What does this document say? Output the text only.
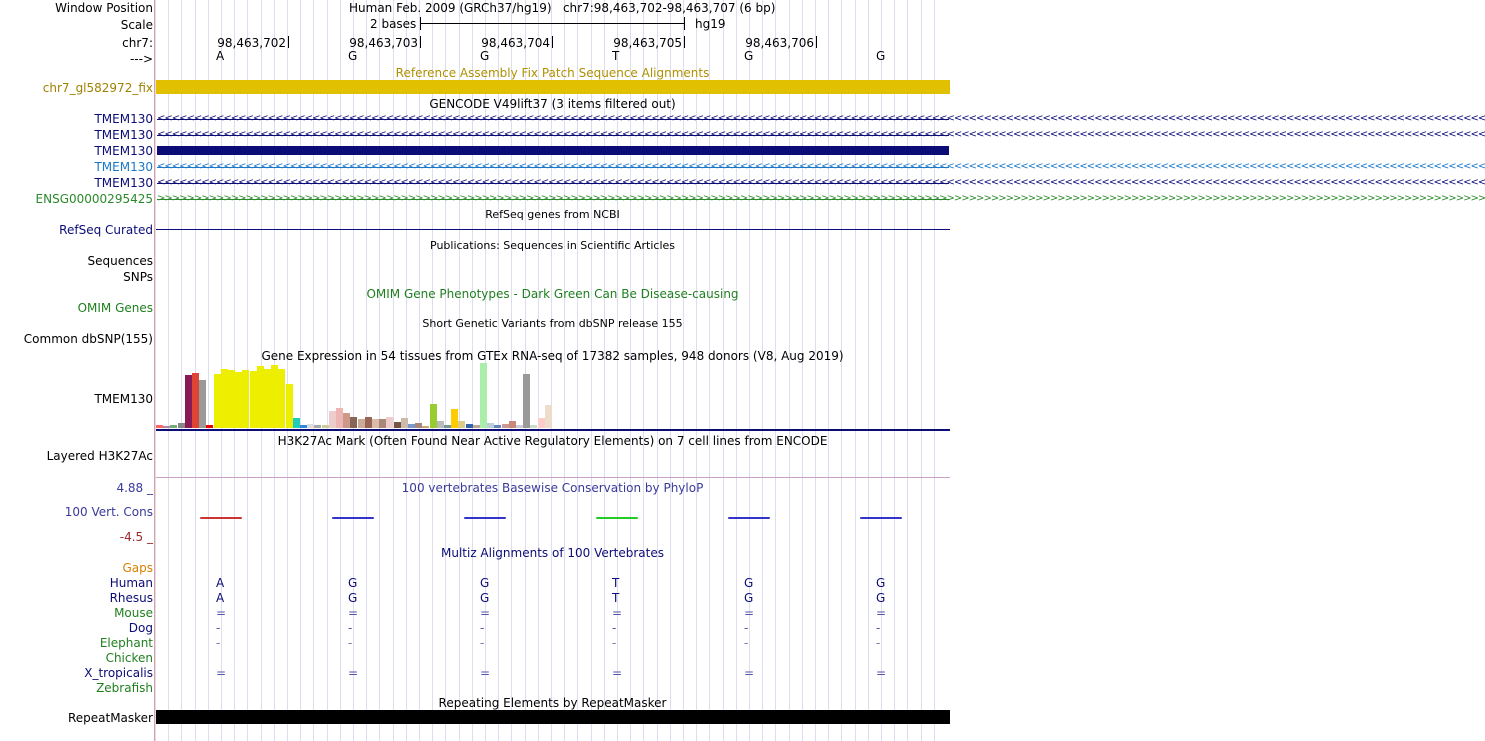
Window Position	Human Feb. 2009 (GRCh37/hg19)   chr7:98,463,702-98,463,707 (6 bp)
Scale	2 bases	hg19
chr7:	98,463,702	98,463,703	98,463,704	98,463,705	98,463,706
--->	A	G	G	T	G	G
Reference Assembly Fix Patch Sequence Alignments
chr7_gl582972_fix
GENCODE V49lift37 (3 items filtered out)
TMEM130 <<<<<<<<<<<<<<<<<<<<<<<<<<<<<<<<<<<<<<<<<<<<<<<<<<<<<<<<<<<<<<<<<<<<<<<<<<<<<<<<<<<<<<<<<<<<<<<<<<<<<<<<<<<<<<<<<<<<<<<<<<<<<<<<<<<<<<<<<<<<<<<<<<<<<<<<<<<<<<<<<<<<<<<<<<<<<<<<<<<<
TMEM130 <<<<<<<<<<<<<<<<<<<<<<<<<<<<<<<<<<<<<<<<<<<<<<<<<<<<<<<<<<<<<<<<<<<<<<<<<<<<<<<<<<<<<<<<<<<<<<<<<<<<<<<<<<<<<<<<<<<<<<<<<<<<<<<<<<<<<<<<<<<<<<<<<<<<<<<<<<<<<<<<<<<<<<<<<<<<<<<<<<<<
TMEM130
TMEM130 <<<<<<<<<<<<<<<<<<<<<<<<<<<<<<<<<<<<<<<<<<<<<<<<<<<<<<<<<<<<<<<<<<<<<<<<<<<<<<<<<<<<<<<<<<<<<<<<<<<<<<<<<<<<<<<<<<<<<<<<<<<<<<<<<<<<<<<<<<<<<<<<<<<<<<<<<<<<<<<<<<<<<<<<<<<<<<<<<<<<
TMEM130 <<<<<<<<<<<<<<<<<<<<<<<<<<<<<<<<<<<<<<<<<<<<<<<<<<<<<<<<<<<<<<<<<<<<<<<<<<<<<<<<<<<<<<<<<<<<<<<<<<<<<<<<<<<<<<<<<<<<<<<<<<<<<<<<<<<<<<<<<<<<<<<<<<<<<<<<<<<<<<<<<<<<<<<<<<<<<<<<<<<<
ENSG00000295425 >>>>>>>>>>>>>>>>>>>>>>>>>>>>>>>>>>>>>>>>>>>>>>>>>>>>>>>>>>>>>>>>>>>>>>>>>>>>>>>>>>>>>>>>>>>>>>>>>>>>>>>>>>>>>>>>>>>>>>>>>>>>>>>>>>>>>>>>>>>>>>>>>>>>>>>>>>>>>>>>>>>>>>>>>>>>>>>>>>>>
RefSeq genes from NCBI
RefSeq Curated
Publications: Sequences in Scientific Articles
Sequences
SNPs
OMIM Gene Phenotypes - Dark Green Can Be Disease-causing
OMIM Genes
Short Genetic Variants from dbSNP release 155
Common dbSNP(155)
Gene Expression in 54 tissues from GTEx RNA-seq of 17382 samples, 948 donors (V8, Aug 2019)
TMEM130
H3K27Ac Mark (Often Found Near Active Regulatory Elements) on 7 cell lines from ENCODE
Layered H3K27Ac
100 vertebrates Basewise Conservation by PhyloP
4.88 _
100 Vert. Cons
-4.5 _
Multiz Alignments of 100 Vertebrates
Gaps
Human	A	G	G	T	G	G
Rhesus	A	G	G	T	G	G
Mouse	=	=	=	=	=	=
Dog	-	-	-	-	-	-
Elephant	-	-	-	-	-	-
Chicken
X_tropicalis	=	=	=	=	=	=
Zebrafish
Repeating Elements by RepeatMasker
RepeatMasker
